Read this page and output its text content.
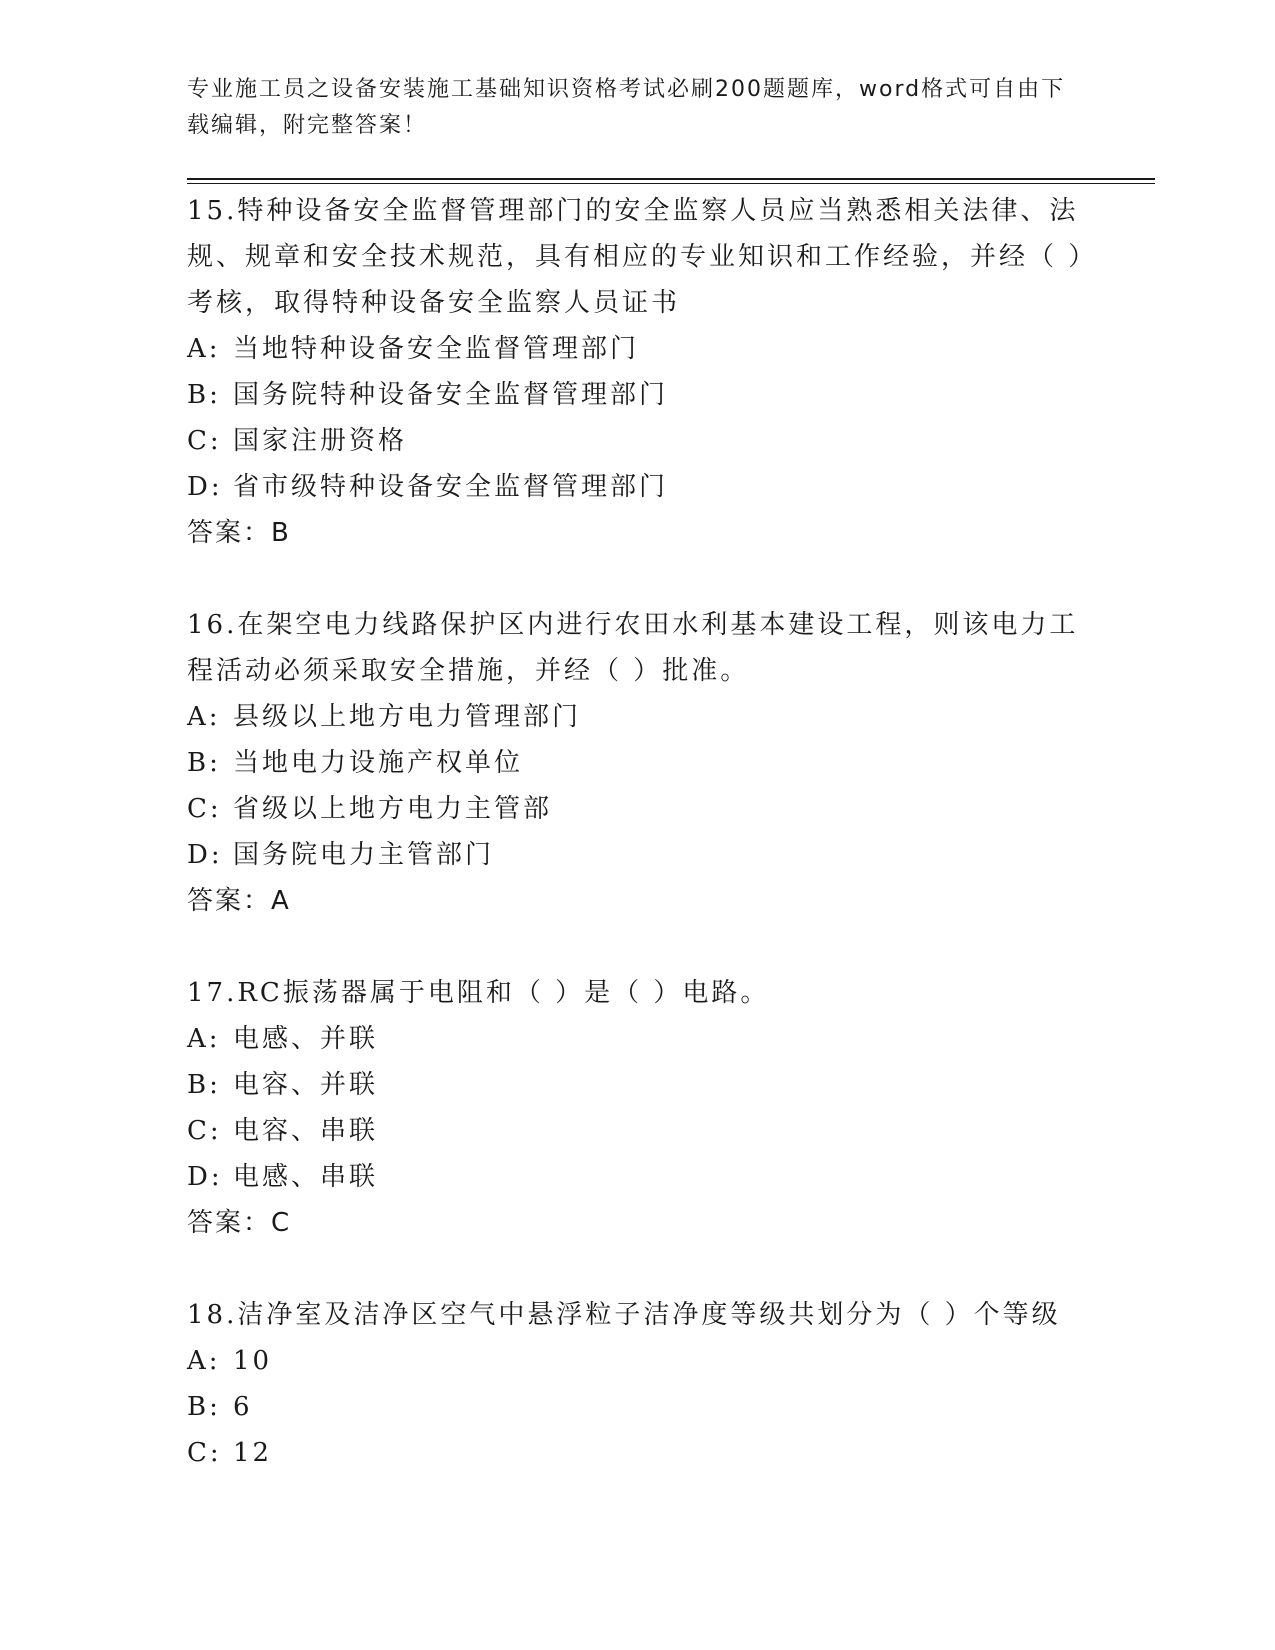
专业施工员之设备安装施工基础知识资格考试必刷200题题库，word格式可自由下载编辑，附完整答案！
15.特种设备安全监督管理部门的安全监察人员应当熟悉相关法律、法规、规章和安全技术规范，具有相应的专业知识和工作经验，并经（ ）考核，取得特种设备安全监察人员证书
A: 当地特种设备安全监督管理部门
B: 国务院特种设备安全监督管理部门
C: 国家注册资格
D: 省市级特种设备安全监督管理部门
答案：B
16.在架空电力线路保护区内进行农田水利基本建设工程，则该电力工程活动必须采取安全措施，并经（ ）批准。
A: 县级以上地方电力管理部门
B: 当地电力设施产权单位
C: 省级以上地方电力主管部
D: 国务院电力主管部门
答案：A
17.RC振荡器属于电阻和（ ）是（ ）电路。
A: 电感、并联
B: 电容、并联
C: 电容、串联
D: 电感、串联
答案：C
18.洁净室及洁净区空气中悬浮粒子洁净度等级共划分为（ ）个等级
A: 10
B: 6
C: 12
